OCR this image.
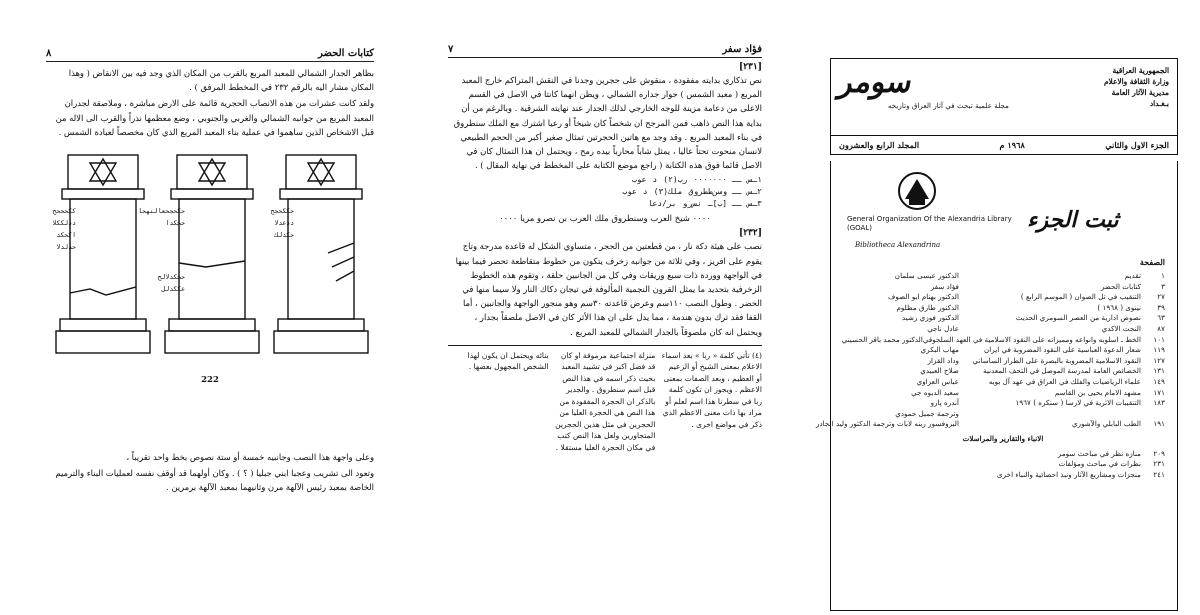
كتابات الحضر
٨

بظاهر الجدار الشمالي للمعبد المربع بالقرب من المكان الذي وجد فيه بين الانقاض ( وهذا المكان مشار اليه بالرقم ٢٣٢ في المخطط المرفق ) .

ولقد كانت عشرات من هذه الانصاب الحجرية قائمة على الارض مباشرة ، وملاصقة لجدران المعبد المربع من جوانبه الشمالي والغربي والجنوبي ، وضع معظمها نذراً والقرب الى الاله من قبل الاشخاص الذين ساهموا في عملية بناء المعبد المربع الذي كان مخصصاً لعبادة الشمس .

ككحححح
ددلككلا
اكحكد
حدلدلا
حكحجحعالتهحا
ححكدا
ححكدلالح
عككدلل
حككحجح
ددعدلا
حكدلك
222

وعلى واجهة هذا النصب وجانبيه خمسة أو ستة نصوص بخط واحد تقريباً ،

وتعود الى تشريب وعجبا ابني جبليا ( ؟ ) . وكان أولهما قد أوقف نفسه لعمليات البناء والترميم الخاصة بمعبد رئيس الآلهة مرن وثانيهما بمعبد الآلهة برمرين .

فؤاد سفر
٧
[٢٣١]

نص تذكاري بدايته مفقودة ، منقوش على حجرين وجدنا في النقش المتراكم خارج المعبد المربع ( معبد الشمس ) جوار جداره الشمالي ، ويظن انهما كانتا في الاصل في القسم الاعلى من دعامة مزينة للوجه الخارجي لذلك الجدار عند نهايته الشرقية . وبالرغم من أن بداية هذا النص ذاهب فمن المرجح ان شخصاً كان شيخاً أو رعيا اشترك مع الملك سنطروق في بناء المعبد المربع . وقد وجد مع هاتين الحجرتين تمثال صغير أكبر من الحجم الطبيعي لانسان منحوت تحتاً عاليا ، يمثل شاباً محارباً بيده رمح ، ويحتمل ان هذا التمثال كان في الاصل قائما فوق هذه الكتابة ( راجع موضع الكتابة على المخطط في نهاية المقال ) .

١ـس
ــ ٠٠٠٠٠٠٠
رب(٢)
د
عوب
٢ـس
ــ وسن‌ططروق
ملك(٣)
د
عوب
٣ـس
ــ [ب]ـ
نس‌رو
بر/دعا
٠٠٠٠ شيخ العرب وسنطروق ملك العرب بن نصرو مريا ٠٠٠٠
[٢٣٢]

نصب على هيئة دكة نار ، من قطعتين من الحجر ، متساوي الشكل له قاعدة مدرجة وتاج يقوم على افريز ، وفي ثلاثة من جوانبه زخرف يتكون من خطوط متقاطعة تحصر فيما بينها في الواجهة ووردة ذات سبع وريقات وفي كل من الجانبين حلقة ، وتقوم هذه الخطوط الزخرفية بتحديد ما يمثل القرون النجمية المألوفة في تيجان دكاك النار ولا سيما منها في الحضر . وطول النصب ١١٠سم وعرض قاعدته ٣٠سم وهو منجور الواجهة والجانبين ، أما القفا فقد ترك بدون هندمة ، مما يدل على ان هذا الأثر كان في الاصل ملصقاً بجدار ، ويحتمل انه كان ملصوقاً بالجدار الشمالي للمعبد المربع .

(٤) تأتي كلمة « ربا » بعد اسماء الاعلام بمعنى الشيخ أو الزعيم أو العظيم ، وبعد الصفات بمعنى الاعظم . ويجوز ان تكون كلمة ربا في سطرنا هذا اسم لعلم أو مراد بها ذات معنى الاعظم الذي ذكر في مواضع اخرى .

منزلة اجتماعية مرموقة او كان قد فضل اكبر في تشييد المعبد بحيث ذكر اسمه في هذا النص قبل اسم سنطروق . والجدير بالذكر ان الحجرة المفقودة من هذا النص هي الحجرة العليا من الحجرين في مثل هذين الحجرين المتجاورين ولعل هذا النص كتب في مكان الحجرة العليا مستقلا .

بنائه ويحتمل ان يكون لهذا الشخص المجهول بعضها .

سومر
مجلة علمية تبحث في آثار العراق وتاريخه
الجمهورية العراقية
وزارة الثقافة والاعلام
مديرية الآثار العامة
بـغـداد
الجزء الاول والثاني
١٩٦٨ م
المجلد الرابع والعشرون
General Organization Of the Alexandria Library (GOAL)
Bibliotheca Alexandrina
ثبت الجزء
الصفحة
١
تقديم
الدكتور عيسى سلمان
٣
كتابات الحضر
فؤاد سفر
٢٧
التنقيب في تل الصوان ( الموسم الرابع )
الدكتور بهنام ابو الصوف
٣٩
نينوى ( ١٩٦٨ )
الدكتور طارق مظلوم
٦٣
نصوص ادارية من العصر السومري الحديث
الدكتور فوزي رشيد
٨٧
النحت الاكدي
عادل ناجي
١٠١
الخط ـ اسلوبه وانواعه ومميزاته على النقود الاسلامية في العهد السلجوقي
الدكتور محمد باقر الحسيني
١١٩
شعار الدعوة العباسية على النقود المضروبة في ايران
مهاب البكري
١٢٧
النقود الاسلامية المضروبة بالبصرة على الطراز الساساني
وداد القزاز
١٣١
الخصائص العامة لمدرسة الموصل في التحف المعدنية
صلاح العبيدي
١٤٩
علماء الرياضيات والفلك في العراق في عهد آل بويه
عباس العزاوي
١٧١
مشهد الامام يحيى بن القاسم
سعيد الديوه جي
١٨٣
التنقيبات الاثرية في لارسا ( سنكره ) ١٩٦٧
آندره پارو
وترجمة جميل حمودي
١٩١
الطب البابلي والآشوري
البروفسور رينه لابات وترجمة الدكتور وليد الجادر
الانباء والتقارير والمراسلات
٢٠٩
منازه نظر في مباحث سومر
٢٣١
نظرات في مباحث ومؤلفات
٢٤١
منجزات ومشاريع الآثار ونبذ احصائية والنباء اخرى
